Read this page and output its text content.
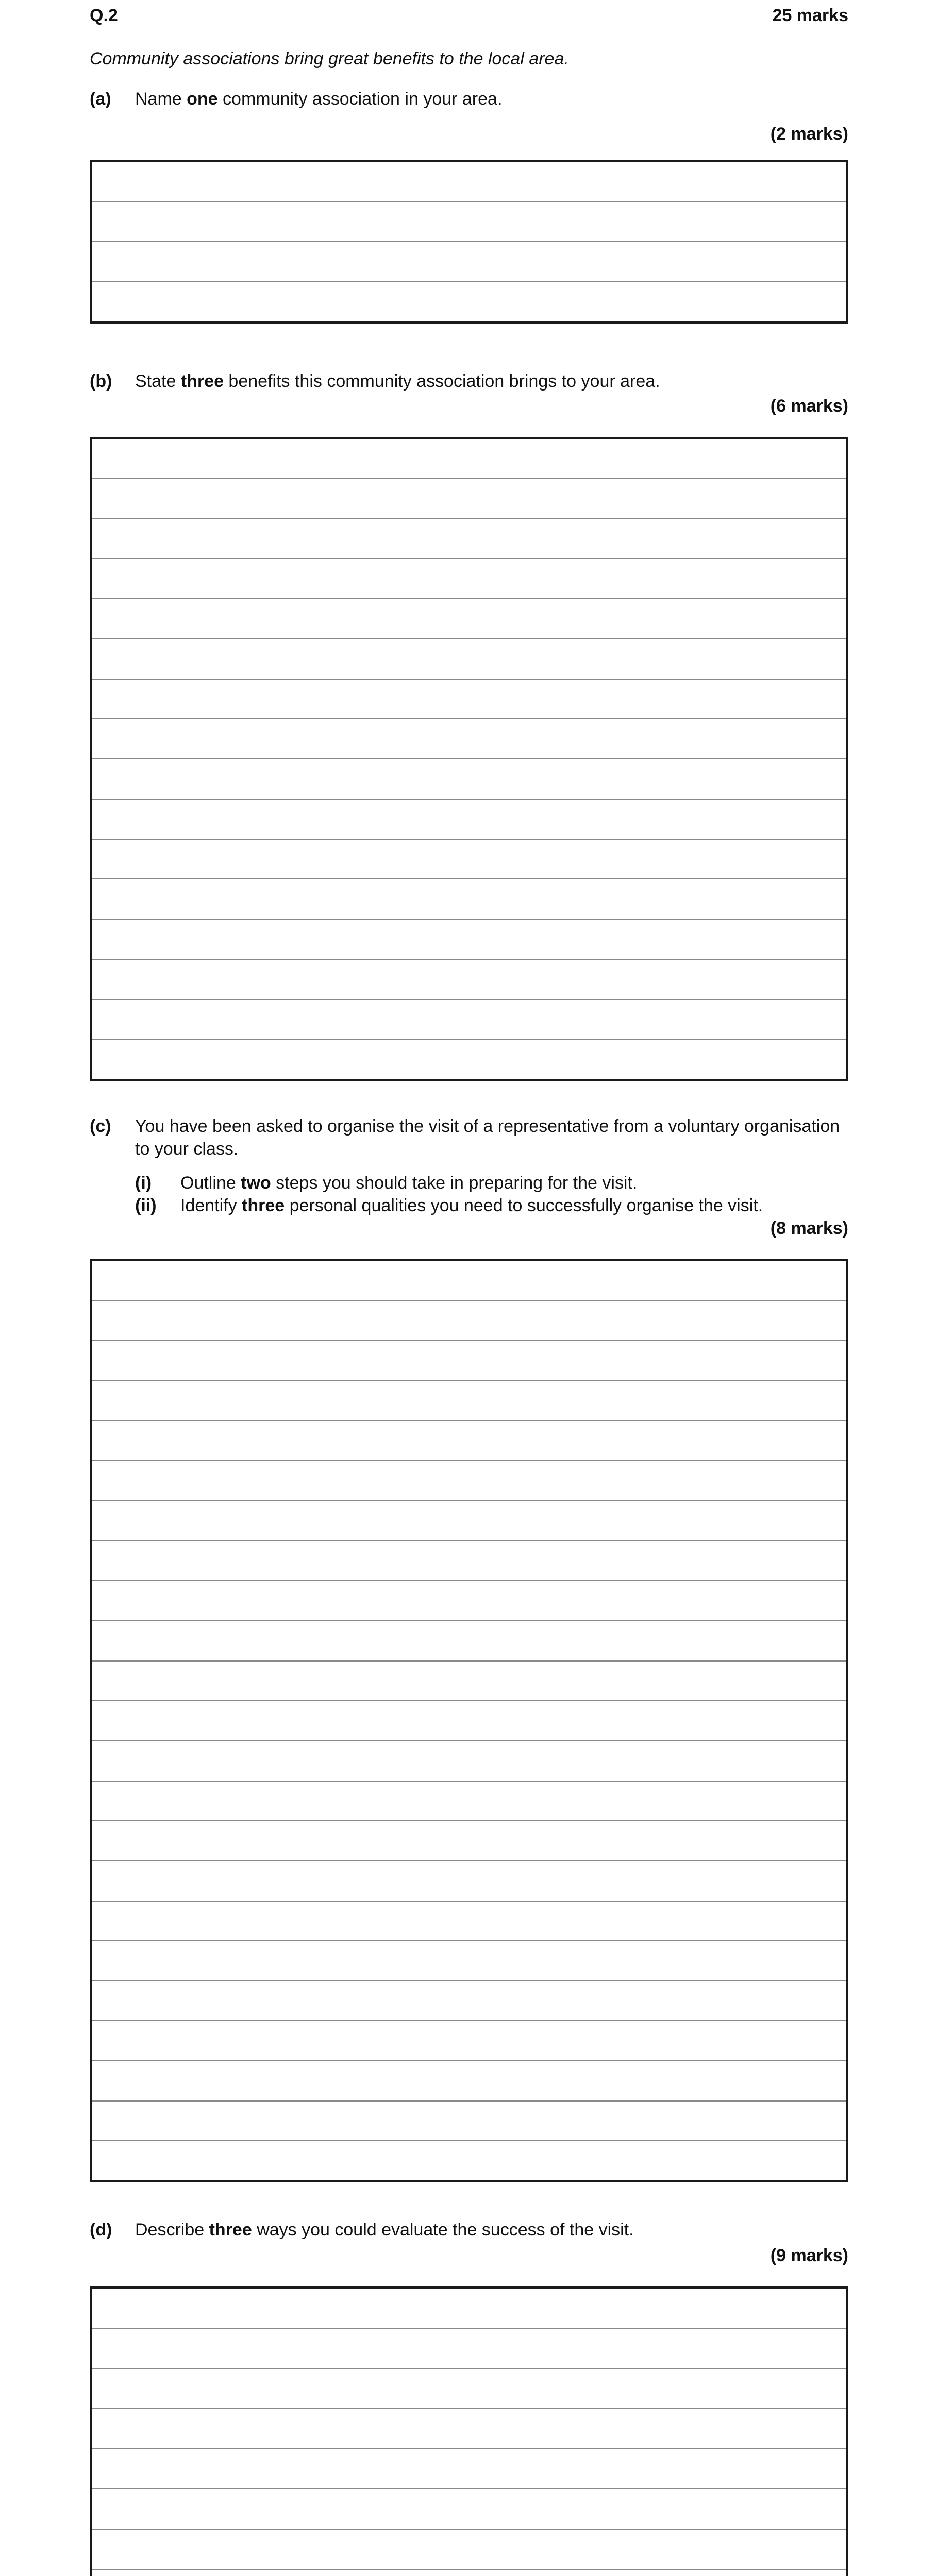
Q.2	25 marks
Community associations bring great benefits to the local area.
(a) Name one community association in your area.
(2 marks)
(b) State three benefits this community association brings to your area.
(6 marks)
(c) You have been asked to organise the visit of a representative from a voluntary organisation
to your class.
(i) Outline two steps you should take in preparing for the visit.
(ii) Identify three personal qualities you need to successfully organise the visit.
(8 marks)
(d) Describe three ways you could evaluate the success of the visit.
(9 marks)
